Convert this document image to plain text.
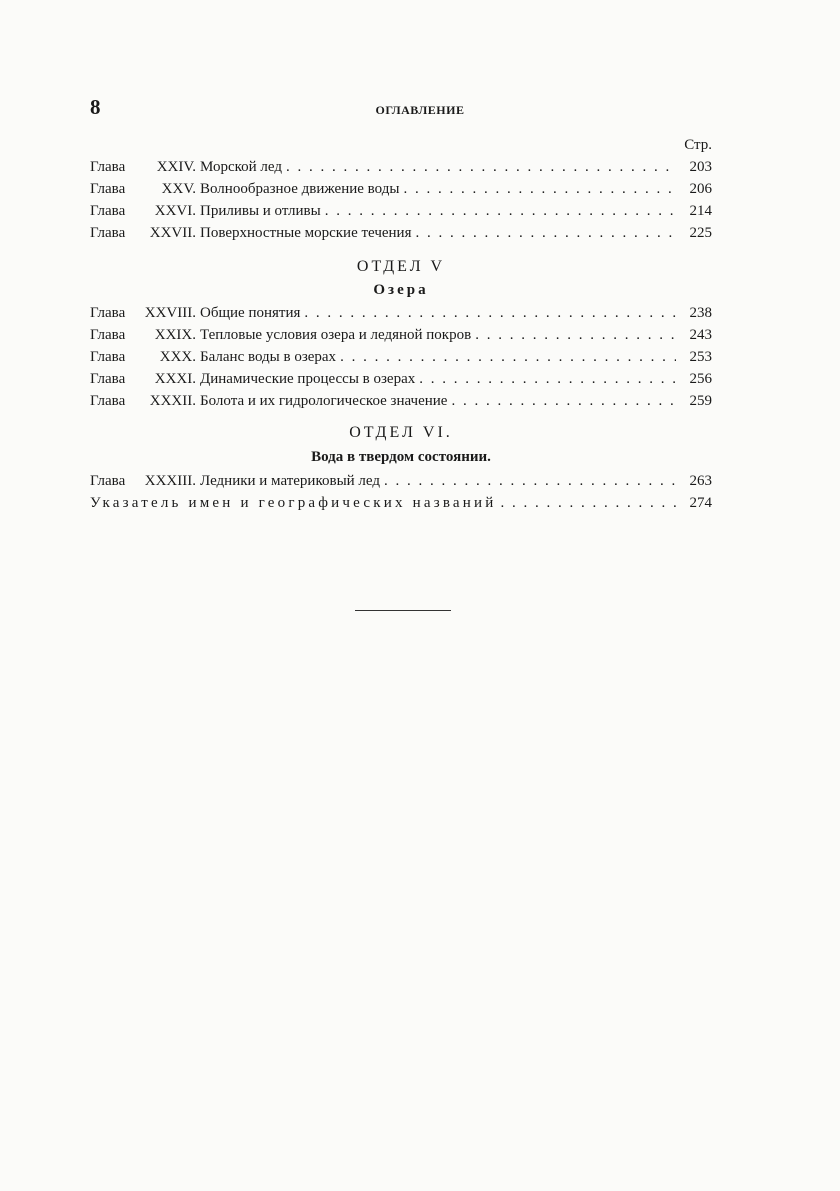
8	ОГЛАВЛЕНИЕ
Стр.
Глава	XXIV. Морской лед . . .	203
Глава	XXV. Волнообразное движение воды . . .	206
Глава	XXVI. Приливы и отливы . . .	214
Глава	XXVII. Поверхностные морские течения . . .	225
ОТДЕЛ V
Озера
Глава	XXVIII. Общие понятия . . .	238
Глава	XXIX. Тепловые условия озера и ледяной покров . . .	243
Глава	XXX. Баланс воды в озерах . . .	253
Глава	XXXI. Динамические процессы в озерах . . .	256
Глава	XXXII. Болота и их гидрологическое значение . . .	259
ОТДЕЛ VI.
Вода в твердом состоянии.
Глава	XXXIII. Ледники и материковый лед . . .	263
Указатель имен и географических названий . . .	274
